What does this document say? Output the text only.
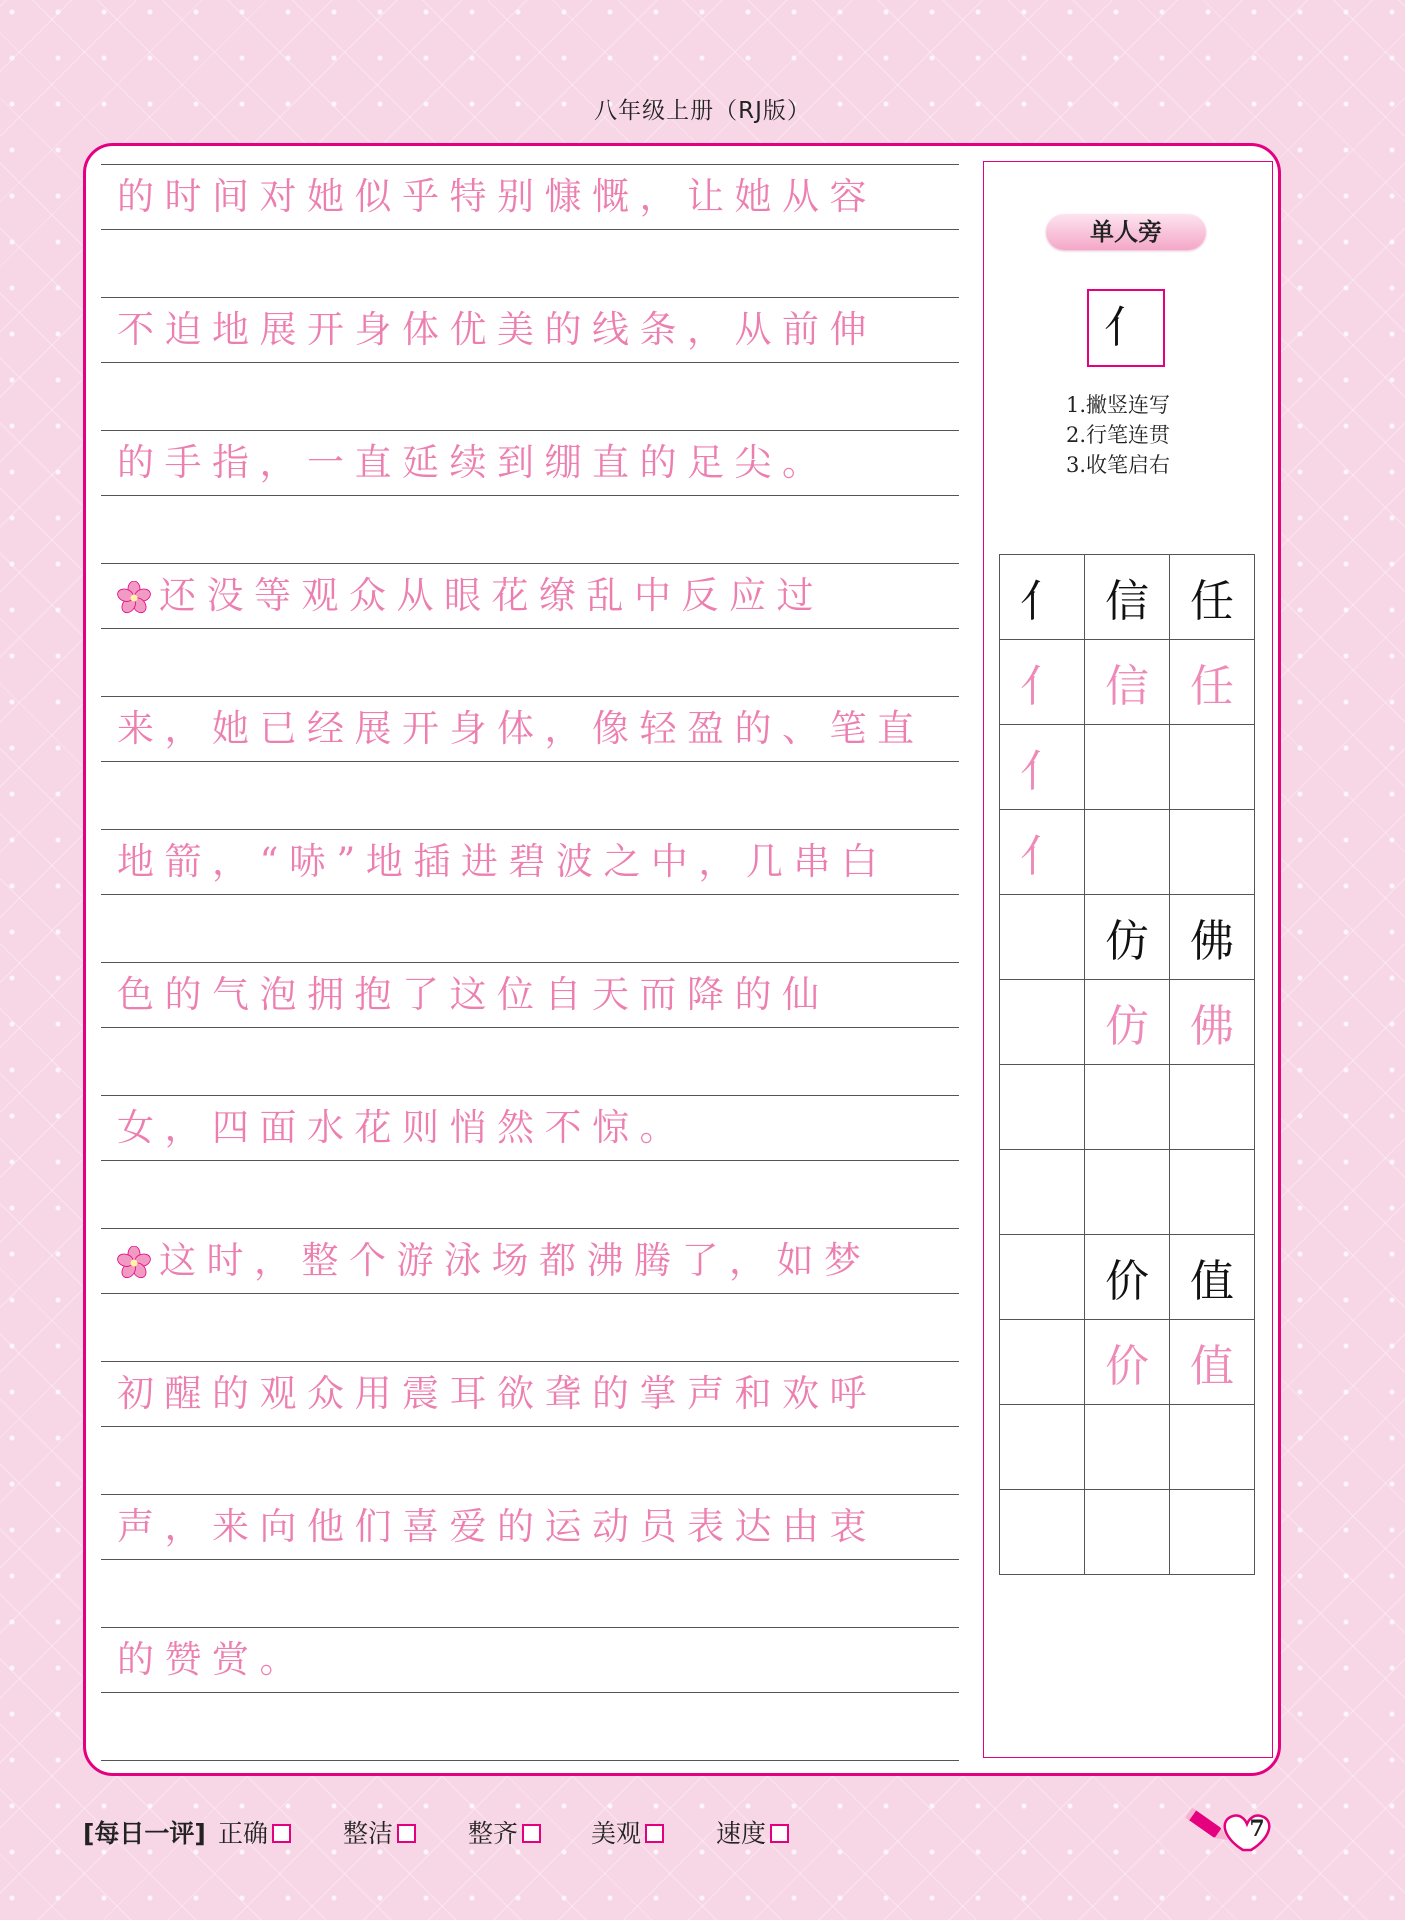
八年级上册（RJ版）
的时间对她似乎特别慷慨，让她从容
不迫地展开身体优美的线条，从前伸
的手指，一直延续到绷直的足尖。
还没等观众从眼花缭乱中反应过
来，她已经展开身体，像轻盈的、笔直
地箭，“哧”地插进碧波之中，几串白
色的气泡拥抱了这位自天而降的仙
女，四面水花则悄然不惊。
这时，整个游泳场都沸腾了，如梦
初醒的观众用震耳欲聋的掌声和欢呼
声，来向他们喜爱的运动员表达由衷
的赞赏。
单人旁
亻
1.撇竖连写
2.行笔连贯
3.收笔启右
亻	信	任
亻	信	任
亻		
亻		
	仿	佛
	仿	佛

	价	值
	价	值

[每日一评] 正确	整洁	整齐	美观	速度	7
